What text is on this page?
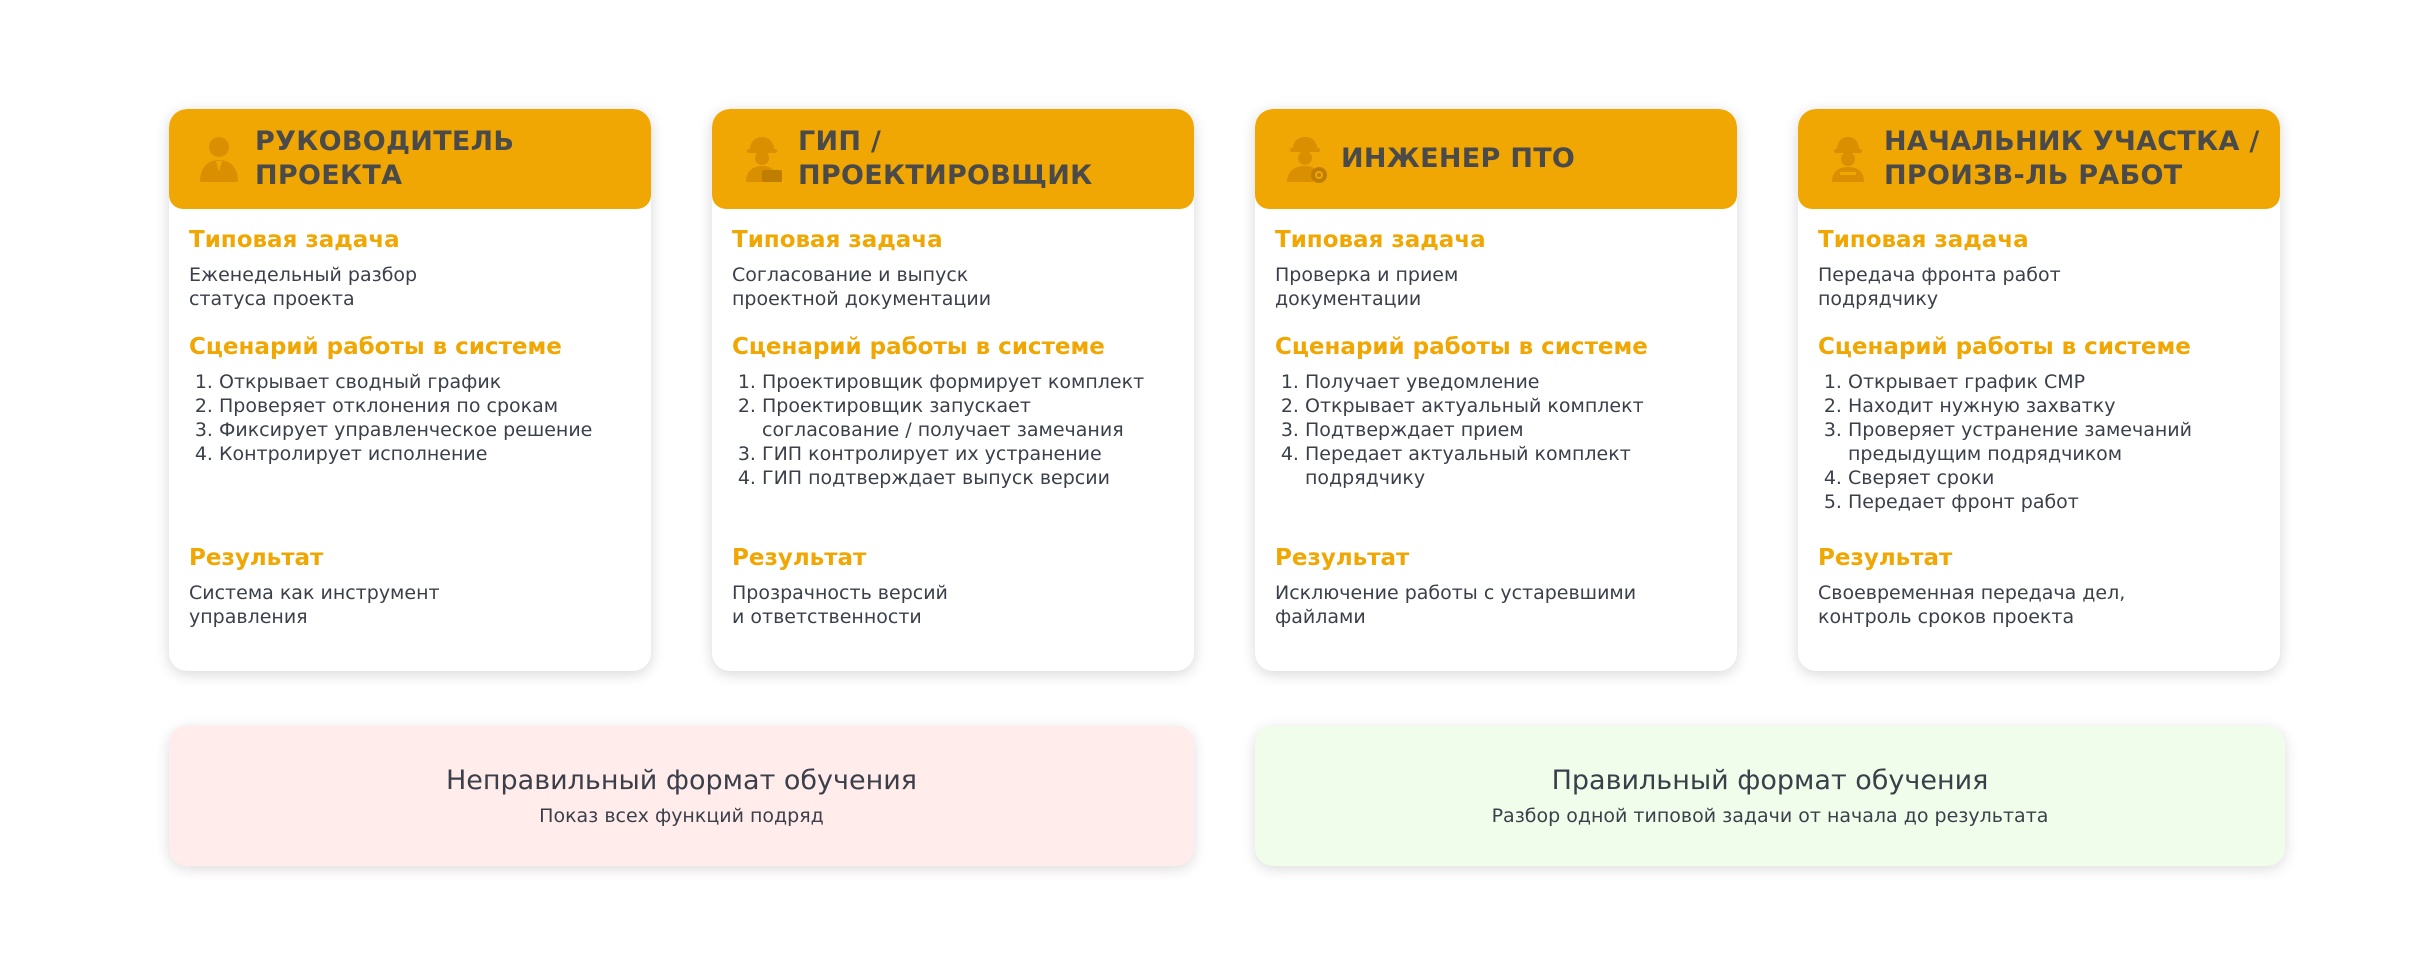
РУКОВОДИТЕЛЬ
ПРОЕКТА
Типовая задача
Еженедельный разбор
статуса проекта
Сценарий работы в системе
1. Открывает сводный график
2. Проверяет отклонения по срокам
3. Фиксирует управленческое решение
4. Контролирует исполнение
Результат
Система как инструмент
управления
ГИП /
ПРОЕКТИРОВЩИК
Типовая задача
Согласование и выпуск
проектной документации
Сценарий работы в системе
1. Проектировщик формирует комплект
2. Проектировщик запускает согласование / получает замечания
3. ГИП контролирует их устранение
4. ГИП подтверждает выпуск версии
Результат
Прозрачность версий
и ответственности
ИНЖЕНЕР ПТО
Типовая задача
Проверка и прием
документации
Сценарий работы в системе
1. Получает уведомление
2. Открывает актуальный комплект
3. Подтверждает прием
4. Передает актуальный комплект подрядчику
Результат
Исключение работы с устаревшими
файлами
НАЧАЛЬНИК УЧАСТКА /
ПРОИЗВ-ЛЬ РАБОТ
Типовая задача
Передача фронта работ
подрядчику
Сценарий работы в системе
1. Открывает график СМР
2. Находит нужную захватку
3. Проверяет устранение замечаний предыдущим подрядчиком
4. Сверяет сроки
5. Передает фронт работ
Результат
Своевременная передача дел,
контроль сроков проекта
Неправильный формат обучения
Показ всех функций подряд
Правильный формат обучения
Разбор одной типовой задачи от начала до результата
